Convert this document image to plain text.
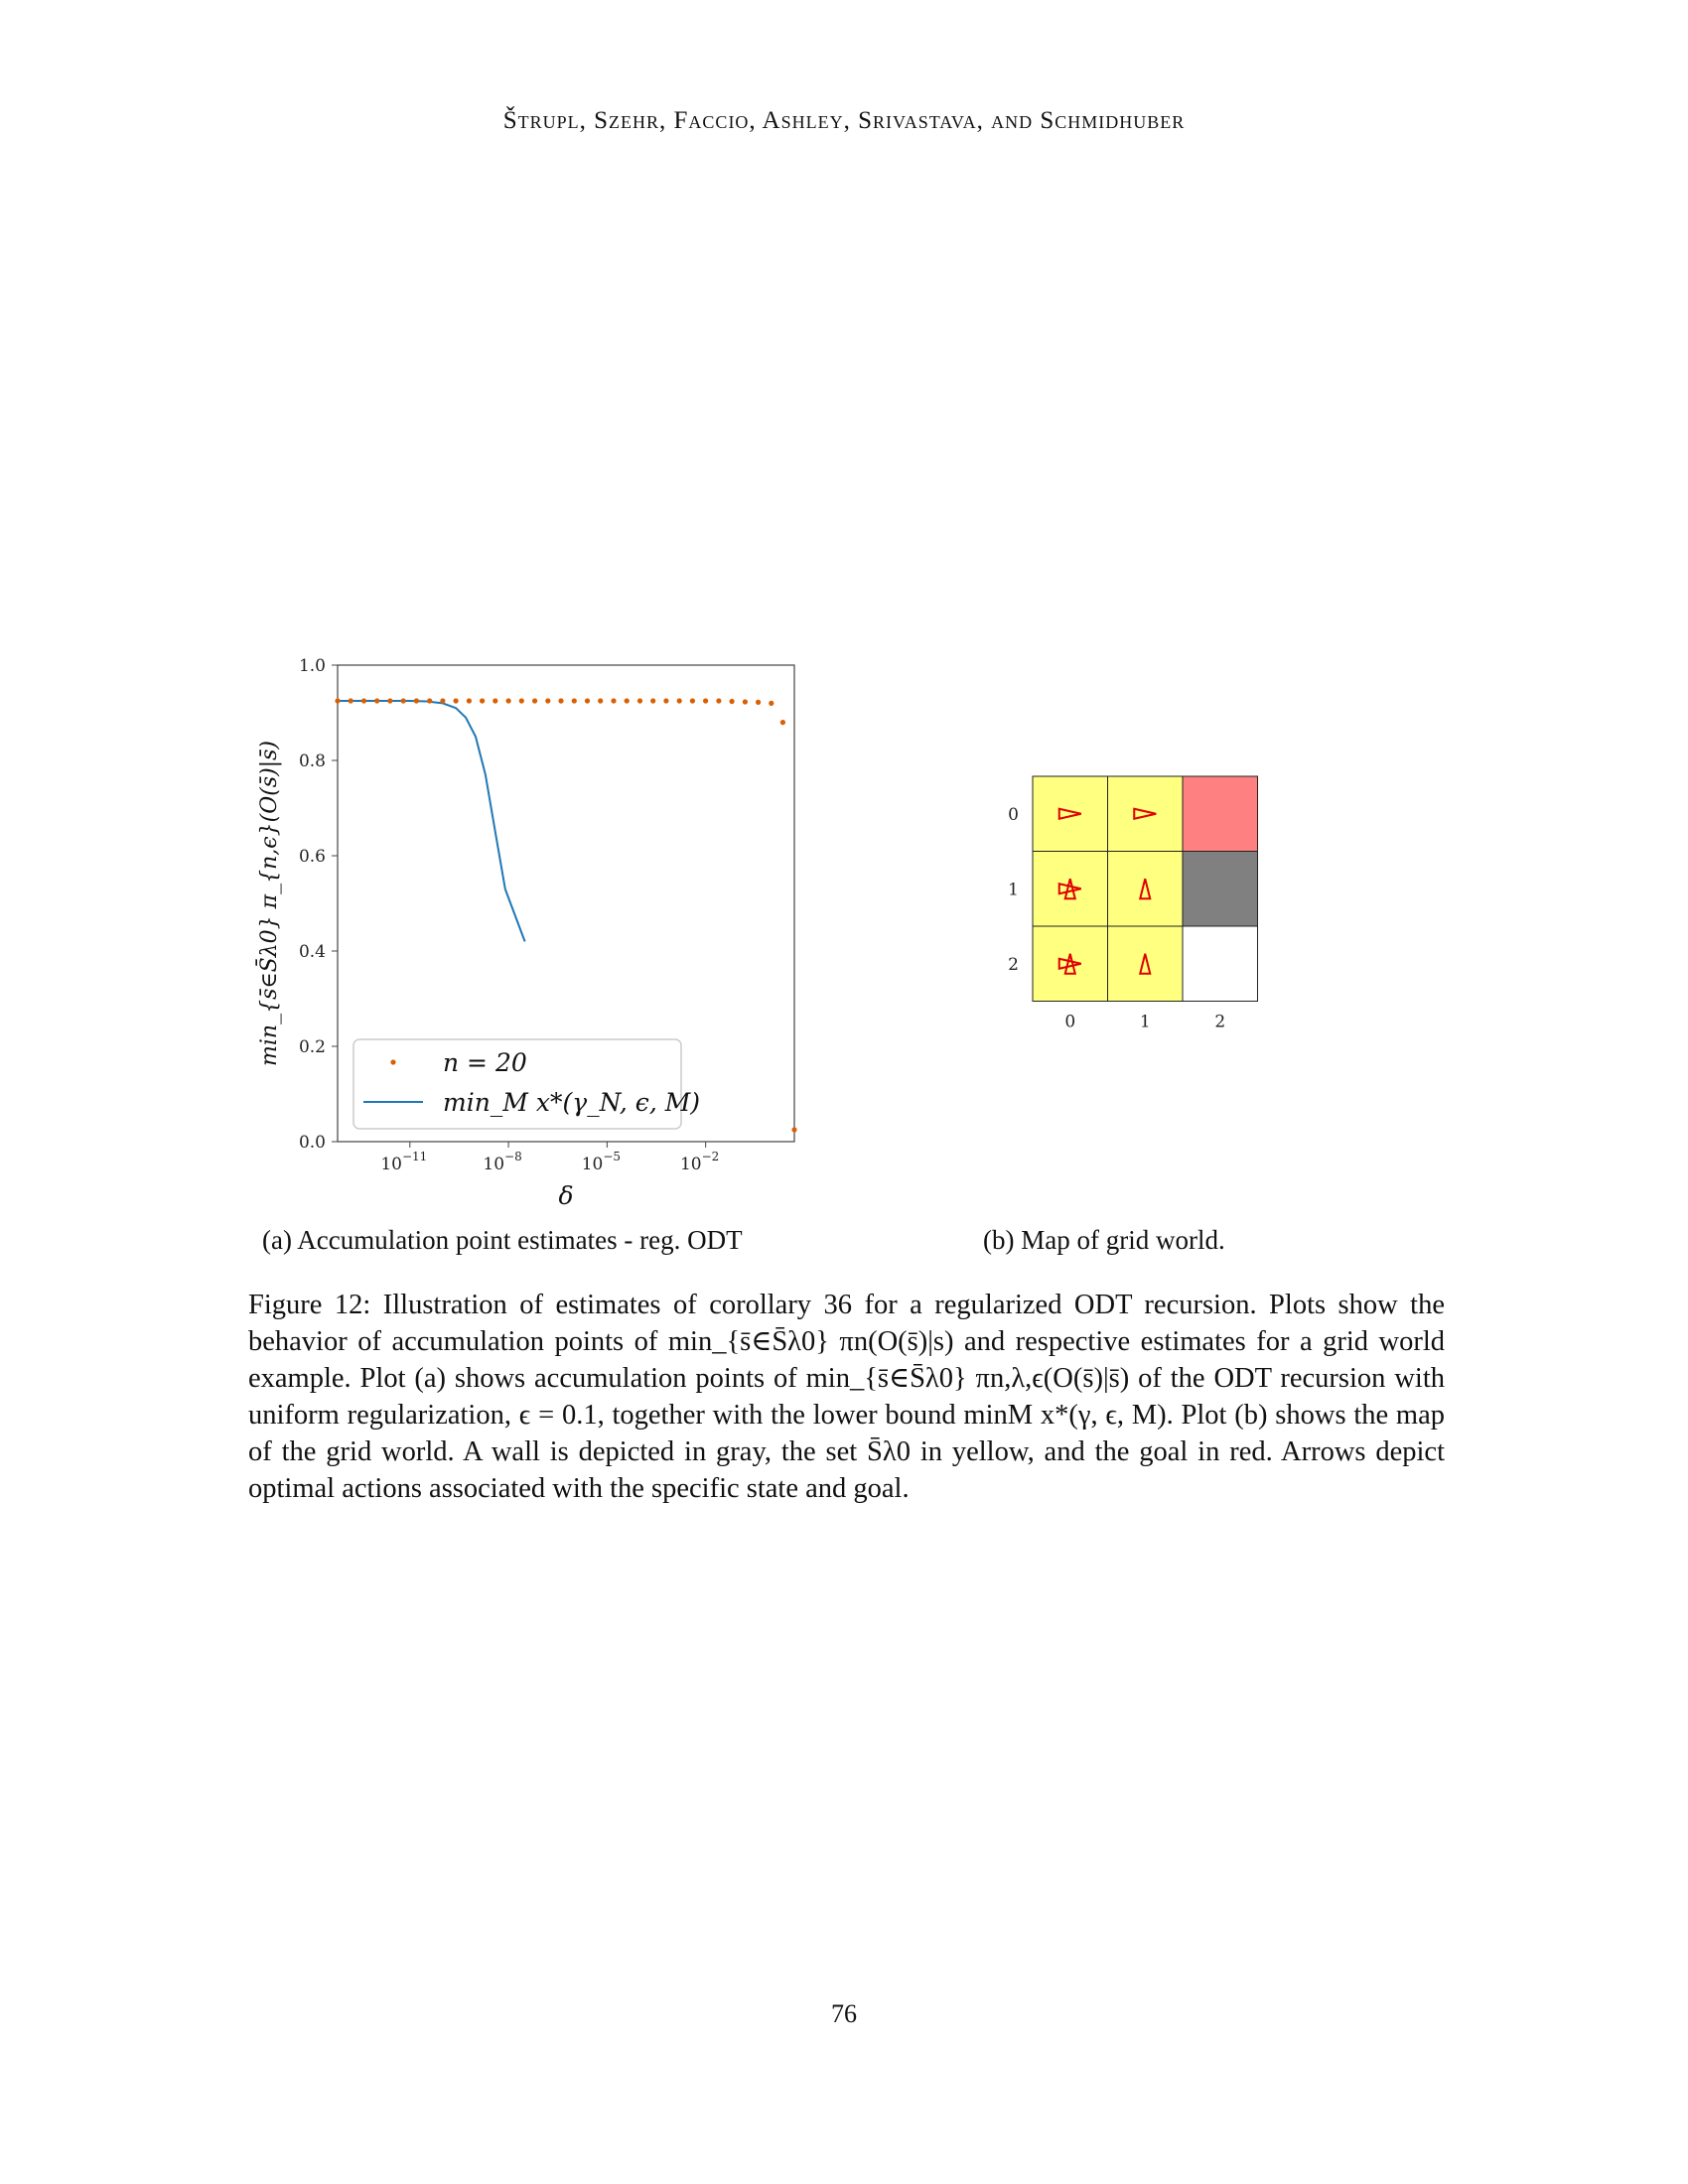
Štrupl, Szehr, Faccio, Ashley, Srivastava, and Schmidhuber
0.0
0.2
0.4
0.6
0.8
1.0
$10^{-11}$	$10^{-8}$	$10^{-5}$	$10^{-2}$
δ
min_{s̄∈S̄λ0} π_{n,ϵ}(O(s̄)|s̄)	n = 20
min_M x*(γ_N, ϵ, M)
0
1
2
0	1	2
(a) Accumulation point estimates - reg. ODT	(b) Map of grid world.
Figure 12: Illustration of estimates of corollary 36 for a regularized ODT recursion. Plots show the behavior of accumulation points of min_{s̄∈S̄λ0} πn(O(s̄)|s) and respective estimates for a grid world example. Plot (a) shows accumulation points of min_{s̄∈S̄λ0} πn,λ,ϵ(O(s̄)|s̄) of the ODT recursion with uniform regularization, ϵ = 0.1, together with the lower bound minM x*(γ, ϵ, M). Plot (b) shows the map of the grid world. A wall is depicted in gray, the set S̄λ0 in yellow, and the goal in red. Arrows depict optimal actions associated with the specific state and goal.
76
